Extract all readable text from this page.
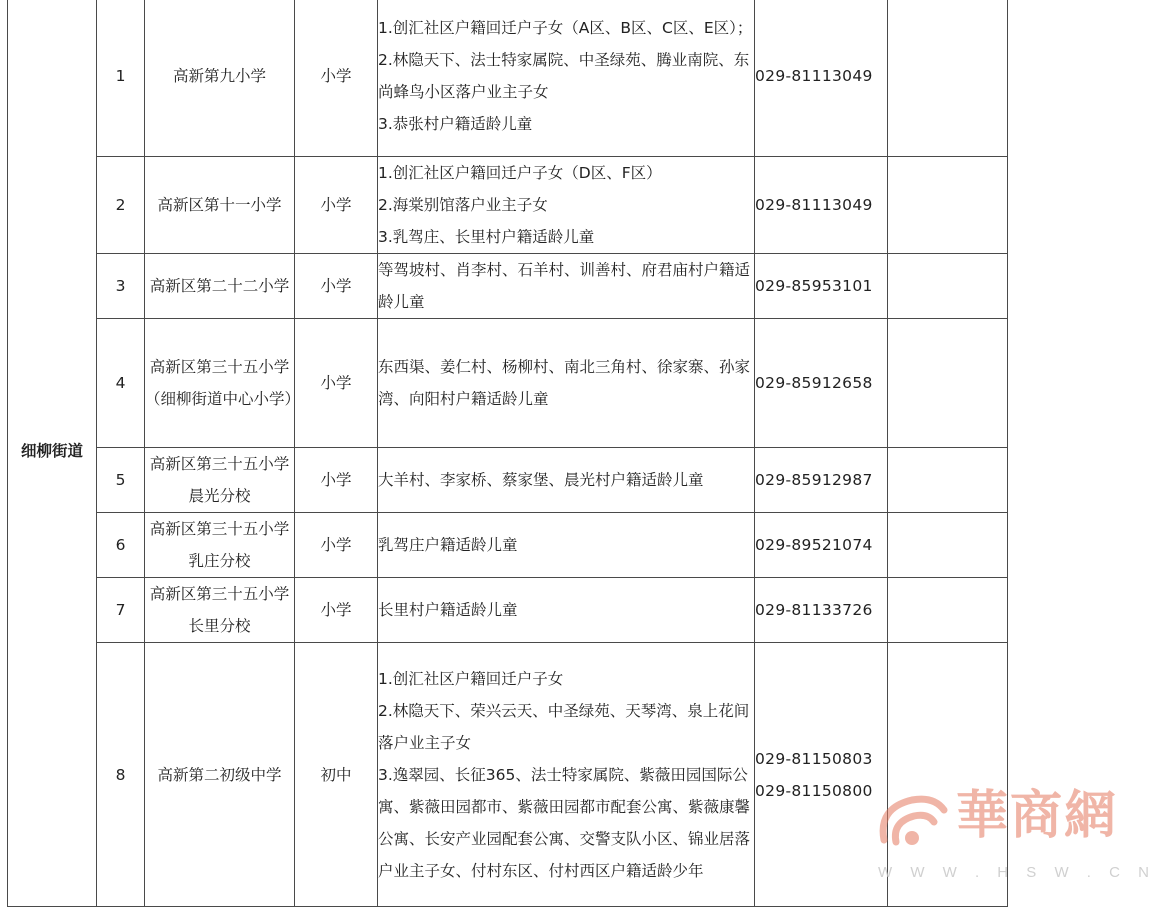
细柳街道	1	高新第九小学	小学	1.创汇社区户籍回迁户子女（A区、B区、C区、E区）；
2.林隐天下、法士特家属院、中圣绿苑、腾业南院、东尚蜂鸟小区落户业主子女
3.恭张村户籍适龄儿童	029-81113049	

	2	高新区第十一小学	小学	1.创汇社区户籍回迁户子女（D区、F区）
2.海棠别馆落户业主子女
3.乳驾庄、长里村户籍适龄儿童	029-81113049	

	3	高新区第二十二小学	小学	等驾坡村、肖李村、石羊村、训善村、府君庙村户籍适龄儿童	029-85953101	

	4	高新区第三十五小学
（细柳街道中心小学）	小学	东西渠、姜仁村、杨柳村、南北三角村、徐家寨、孙家湾、向阳村户籍适龄儿童	029-85912658	

	5	高新区第三十五小学晨光分校	小学	大羊村、李家桥、蔡家堡、晨光村户籍适龄儿童	029-85912987	

	6	高新区第三十五小学乳庄分校	小学	乳驾庄户籍适龄儿童	029-89521074	

	7	高新区第三十五小学长里分校	小学	长里村户籍适龄儿童	029-81133726	

	8	高新第二初级中学	初中	1.创汇社区户籍回迁户子女
2.林隐天下、荣兴云天、中圣绿苑、天琴湾、泉上花间落户业主子女
3.逸翠园、长征365、法士特家属院、紫薇田园国际公寓、紫薇田园都市、紫薇田园都市配套公寓、紫薇康馨公寓、长安产业园配套公寓、交警支队小区、锦业居落户业主子女、付村东区、付村西区户籍适龄少年	029-81150803
029-81150800	
	華商網
W W W . H S W . C N
